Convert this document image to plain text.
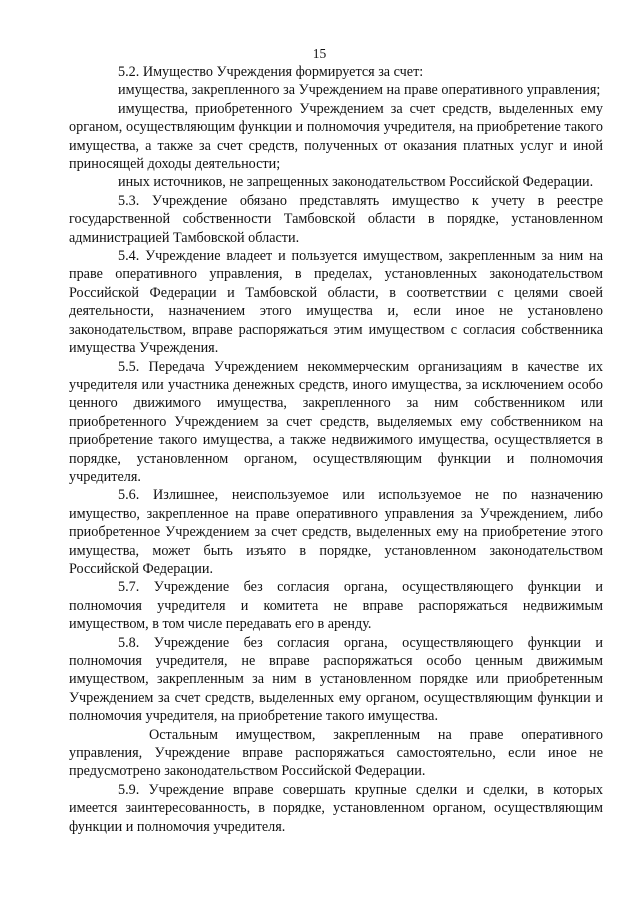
15

5.2. Имущество Учреждения формируется за счет:

имущества, закрепленного за Учреждением на праве оперативного управления;

имущества, приобретенного Учреждением за счет средств, выделенных ему органом, осуществляющим функции и полномочия учредителя, на приобретение такого имущества, а также за счет средств, полученных от оказания платных услуг и иной приносящей доходы деятельности;

иных источников, не запрещенных законодательством Российской Федерации.

5.3. Учреждение обязано представлять имущество к учету в реестре государственной собственности Тамбовской области в порядке, установленном администрацией Тамбовской области.

5.4. Учреждение владеет и пользуется имуществом, закрепленным за ним на праве оперативного управления, в пределах, установленных законодательством Российской Федерации и Тамбовской области, в соответствии с целями своей деятельности, назначением этого имущества и, если иное не установлено законодательством, вправе распоряжаться этим имуществом с согласия собственника имущества Учреждения.

5.5. Передача Учреждением некоммерческим организациям в качестве их учредителя или участника денежных средств, иного имущества, за исключением особо ценного движимого имущества, закрепленного за ним собственником или приобретенного Учреждением за счет средств, выделяемых ему собственником на приобретение такого имущества, а также недвижимого имущества, осуществляется в порядке, установленном органом, осуществляющим функции и полномочия учредителя.

5.6. Излишнее, неиспользуемое или используемое не по назначению имущество, закрепленное на праве оперативного управления за Учреждением, либо приобретенное Учреждением за счет средств, выделенных ему на приобретение этого имущества, может быть изъято в порядке, установленном законодательством Российской Федерации.

5.7. Учреждение без согласия органа, осуществляющего функции и полномочия учредителя и комитета не вправе распоряжаться недвижимым имуществом, в том числе передавать его в аренду.

5.8. Учреждение без согласия органа, осуществляющего функции и полномочия учредителя, не вправе распоряжаться особо ценным движимым имуществом, закрепленным за ним в установленном порядке или приобретенным Учреждением за счет средств, выделенных ему органом, осуществляющим функции и полномочия учредителя, на приобретение такого имущества.

Остальным имуществом, закрепленным на праве оперативного управления, Учреждение вправе распоряжаться самостоятельно, если иное не предусмотрено законодательством Российской Федерации.

5.9. Учреждение вправе совершать крупные сделки и сделки, в которых имеется заинтересованность, в порядке, установленном органом, осуществляющим функции и полномочия учредителя.
